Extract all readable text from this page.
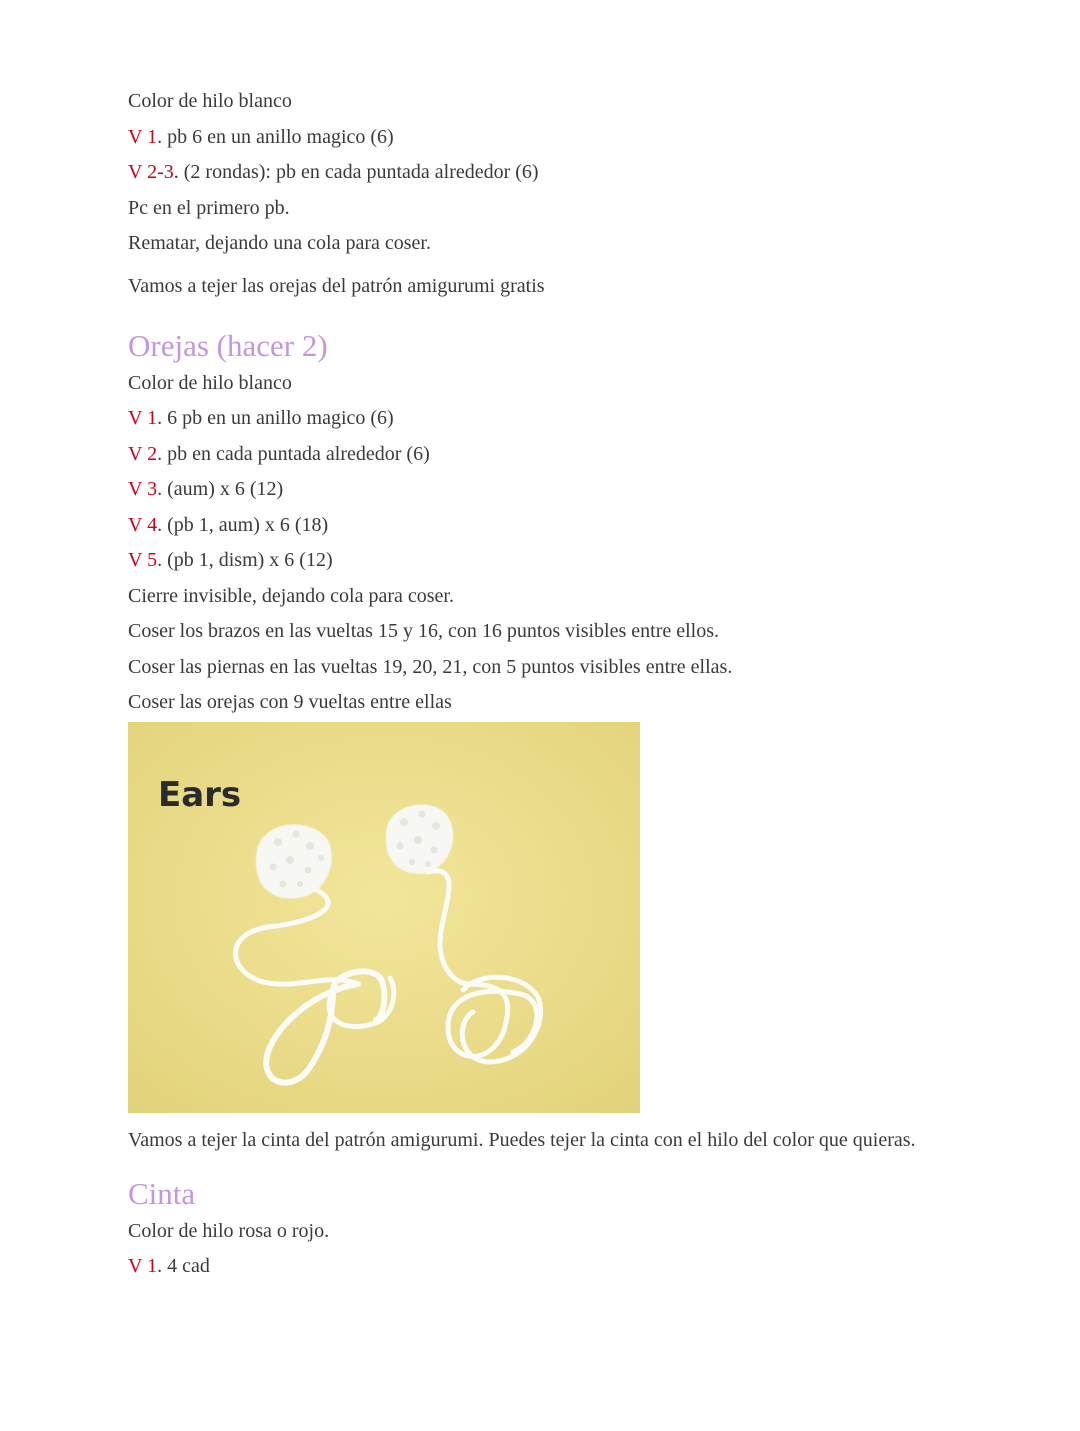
Color de hilo blanco
V 1. pb 6 en un anillo magico (6)
V 2-3. (2 rondas): pb en cada puntada alrededor (6)
Pc en el primero pb.
Rematar, dejando una cola para coser.
Vamos a tejer las orejas del patrón amigurumi gratis
Orejas (hacer 2)
Color de hilo blanco
V 1. 6 pb en un anillo magico (6)
V 2. pb en cada puntada alrededor (6)
V 3. (aum) x 6 (12)
V 4. (pb 1, aum) x 6 (18)
V 5. (pb 1, dism) x 6 (12)
Cierre invisible, dejando cola para coser.
Coser los brazos en las vueltas 15 y 16, con 16 puntos visibles entre ellos.
Coser las piernas en las vueltas 19, 20, 21, con 5 puntos visibles entre ellas.
Coser las orejas con 9 vueltas entre ellas
Ears
Vamos a tejer la cinta del patrón amigurumi. Puedes tejer la cinta con el hilo del color que quieras.
Cinta
Color de hilo rosa o rojo.
V 1. 4 cad
